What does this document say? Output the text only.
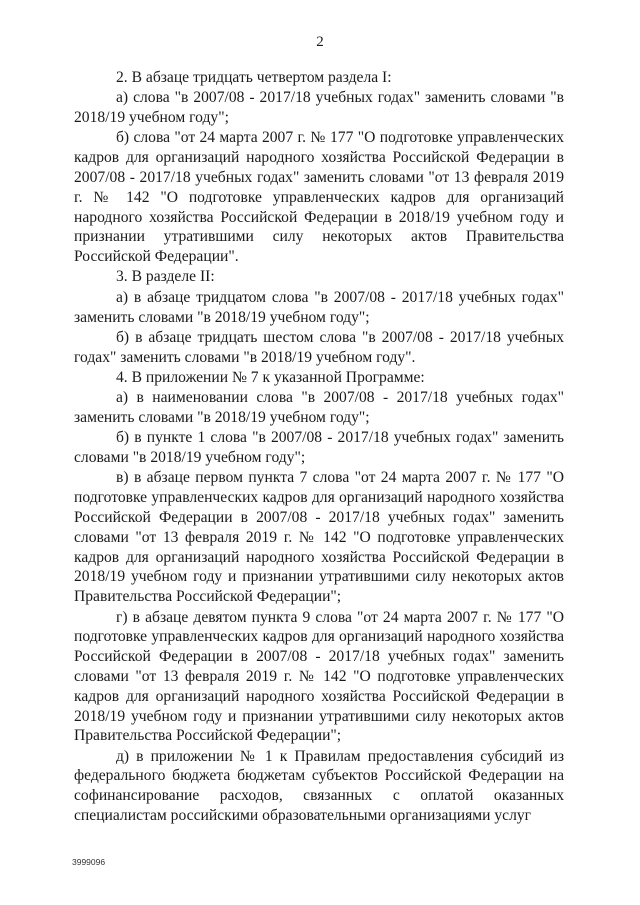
2

2. В абзаце тридцать четвертом раздела I:

а) слова "в 2007/08 - 2017/18 учебных годах" заменить словами "в 2018/19 учебном году";

б) слова "от 24 марта 2007 г. № 177 "О подготовке управленческих кадров для организаций народного хозяйства Российской Федерации в 2007/08 - 2017/18 учебных годах" заменить словами "от 13 февраля 2019 г. № 142 "О подготовке управленческих кадров для организаций народного хозяйства Российской Федерации в 2018/19 учебном году и признании утратившими силу некоторых актов Правительства Российской Федерации".

3. В разделе II:

а) в абзаце тридцатом слова "в 2007/08 - 2017/18 учебных годах" заменить словами "в 2018/19 учебном году";

б) в абзаце тридцать шестом слова "в 2007/08 - 2017/18 учебных годах" заменить словами "в 2018/19 учебном году".

4. В приложении № 7 к указанной Программе:

а) в наименовании слова "в 2007/08 - 2017/18 учебных годах" заменить словами "в 2018/19 учебном году";

б) в пункте 1 слова "в 2007/08 - 2017/18 учебных годах" заменить словами "в 2018/19 учебном году";

в) в абзаце первом пункта 7 слова "от 24 марта 2007 г. № 177 "О подготовке управленческих кадров для организаций народного хозяйства Российской Федерации в 2007/08 - 2017/18 учебных годах" заменить словами "от 13 февраля 2019 г. № 142 "О подготовке управленческих кадров для организаций народного хозяйства Российской Федерации в 2018/19 учебном году и признании утратившими силу некоторых актов Правительства Российской Федерации";

г) в абзаце девятом пункта 9 слова "от 24 марта 2007 г. № 177 "О подготовке управленческих кадров для организаций народного хозяйства Российской Федерации в 2007/08 - 2017/18 учебных годах" заменить словами "от 13 февраля 2019 г. № 142 "О подготовке управленческих кадров для организаций народного хозяйства Российской Федерации в 2018/19 учебном году и признании утратившими силу некоторых актов Правительства Российской Федерации";

д) в приложении № 1 к Правилам предоставления субсидий из федерального бюджета бюджетам субъектов Российской Федерации на софинансирование расходов, связанных с оплатой оказанных специалистам российскими образовательными организациями услуг

3999096
